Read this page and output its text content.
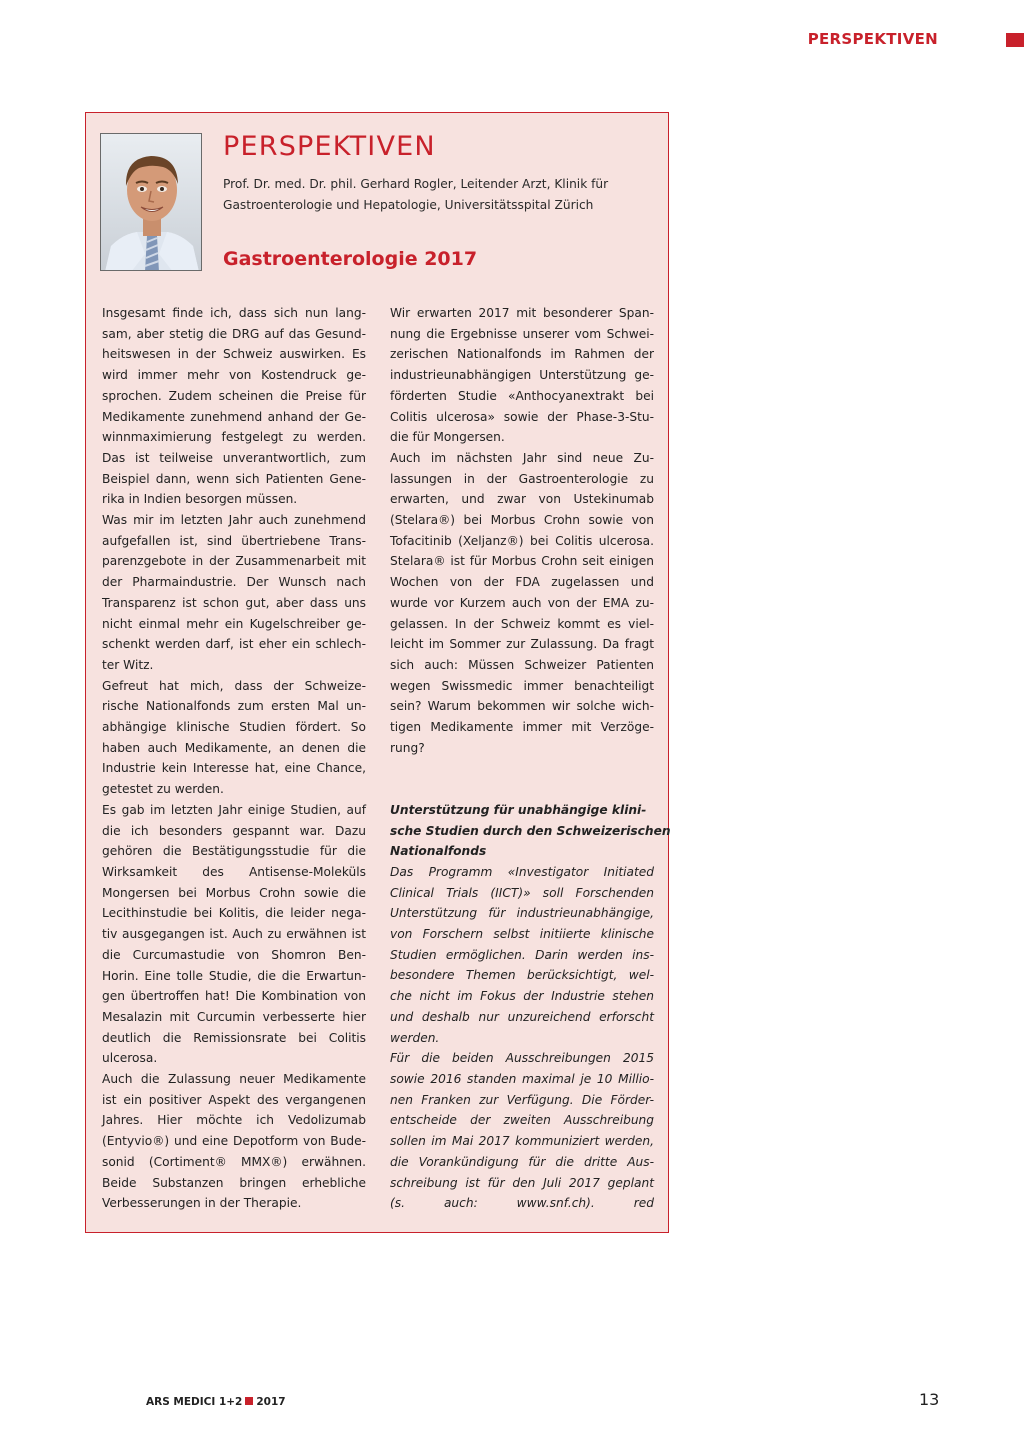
PERSPEKTIVEN
PERSPEKTIVEN
Prof. Dr. med. Dr. phil. Gerhard Rogler, Leitender Arzt, Klinik für
Gastroenterologie und Hepatologie, Universitätsspital Zürich
Gastroenterologie 2017
Insgesamt finde ich, dass sich nun lang-
sam, aber stetig die DRG auf das Gesund-
heitswesen in der Schweiz auswirken. Es
wird immer mehr von Kostendruck ge-
sprochen. Zudem scheinen die Preise für
Medikamente zunehmend anhand der Ge-
winnmaximierung festgelegt zu werden.
Das ist teilweise unverantwortlich, zum
Beispiel dann, wenn sich Patienten Gene-
rika in Indien besorgen müssen.
Was mir im letzten Jahr auch zunehmend
aufgefallen ist, sind übertriebene Trans-
parenzgebote in der Zusammenarbeit mit
der Pharmaindustrie. Der Wunsch nach
Transparenz ist schon gut, aber dass uns
nicht einmal mehr ein Kugelschreiber ge-
schenkt werden darf, ist eher ein schlech-
ter Witz.
Gefreut hat mich, dass der Schweize-
rische Nationalfonds zum ersten Mal un-
abhängige klinische Studien fördert. So
haben auch Medikamente, an denen die
Industrie kein Interesse hat, eine Chance,
getestet zu werden.
Es gab im letzten Jahr einige Studien, auf
die ich besonders gespannt war. Dazu
gehören die Bestätigungsstudie für die
Wirksamkeit des Antisense-Moleküls
Mongersen bei Morbus Crohn sowie die
Lecithinstudie bei Kolitis, die leider nega-
tiv ausgegangen ist. Auch zu erwähnen ist
die Curcumastudie von Shomron Ben-
Horin. Eine tolle Studie, die die Erwartun-
gen übertroffen hat! Die Kombination von
Mesalazin mit Curcumin verbesserte hier
deutlich die Remissionsrate bei Colitis
ulcerosa.
Auch die Zulassung neuer Medikamente
ist ein positiver Aspekt des vergangenen
Jahres. Hier möchte ich Vedolizumab
(Entyvio®) und eine Depotform von Bude-
sonid (Cortiment® MMX®) erwähnen.
Beide Substanzen bringen erhebliche
Verbesserungen in der Therapie.
Wir erwarten 2017 mit besonderer Span-
nung die Ergebnisse unserer vom Schwei-
zerischen Nationalfonds im Rahmen der
industrieunabhängigen Unterstützung ge-
förderten Studie «Anthocyanextrakt bei
Colitis ulcerosa» sowie der Phase-3-Stu-
die für Mongersen.
Auch im nächsten Jahr sind neue Zu-
lassungen in der Gastroenterologie zu
erwarten, und zwar von Ustekinumab
(Stelara®) bei Morbus Crohn sowie von
Tofacitinib (Xeljanz®) bei Colitis ulcerosa.
Stelara® ist für Morbus Crohn seit einigen
Wochen von der FDA zugelassen und
wurde vor Kurzem auch von der EMA zu-
gelassen. In der Schweiz kommt es viel-
leicht im Sommer zur Zulassung. Da fragt
sich auch: Müssen Schweizer Patienten
wegen Swissmedic immer benachteiligt
sein? Warum bekommen wir solche wich-
tigen Medikamente immer mit Verzöge-
rung?
Unterstützung für unabhängige klini-
sche Studien durch den Schweizerischen
Nationalfonds
Das Programm «Investigator Initiated
Clinical Trials (IICT)» soll Forschenden
Unterstützung für industrieunabhängige,
von Forschern selbst initiierte klinische
Studien ermöglichen. Darin werden ins-
besondere Themen berücksichtigt, wel-
che nicht im Fokus der Industrie stehen
und deshalb nur unzureichend erforscht
werden.
Für die beiden Ausschreibungen 2015
sowie 2016 standen maximal je 10 Millio-
nen Franken zur Verfügung. Die Förder-
entscheide der zweiten Ausschreibung
sollen im Mai 2017 kommuniziert werden,
die Vorankündigung für die dritte Aus-
schreibung ist für den Juli 2017 geplant
(s. auch: www.snf.ch). red
ARS MEDICI 1+2 2017	13
